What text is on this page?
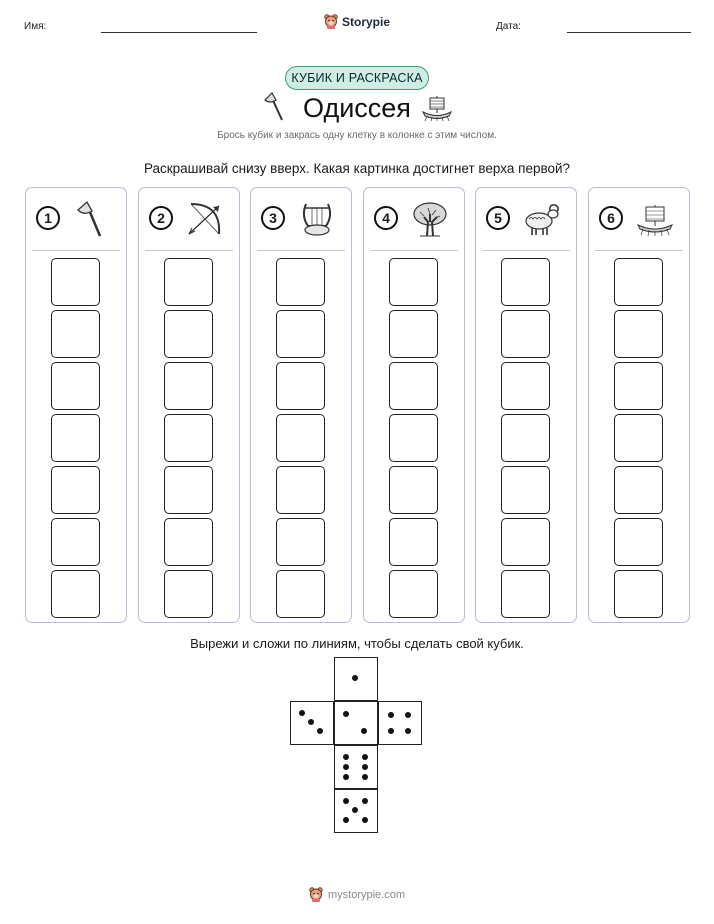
Имя:	Storypie	Дата:
КУБИК И РАСКРАСКА
Одиссея
Брось кубик и закрась одну клетку в колонке с этим числом.
Раскрашивай снизу вверх. Какая картинка достигнет верха первой?
1	2	3	4	5	6
Вырежи и сложи по линиям, чтобы сделать свой кубик.
mystorypie.com
